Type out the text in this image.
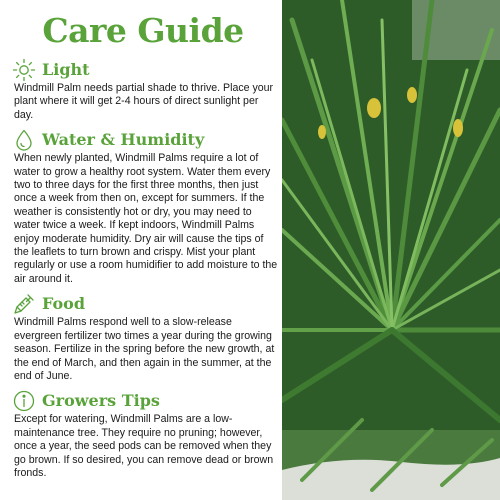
Care Guide
Light
Windmill Palm needs partial shade to thrive. Place your plant where it will get 2-4 hours of direct sunlight per day.
Water & Humidity
When newly planted, Windmill Palms require a lot of water to grow a healthy root system. Water them every two to three days for the first three months, then just once a week from then on, except for summers. If the weather is consistently hot or dry, you may need to water twice a week. If kept indoors, Windmill Palms enjoy moderate humidity. Dry air will cause the tips of the leaflets to turn brown and crispy. Mist your plant regularly or use a room humidifier to add moisture to the air around it.
Food
Windmill Palms respond well to a slow-release evergreen fertilizer two times a year during the growing season. Fertilize in the spring before the new growth, at the end of March, and then again in the summer, at the end of June.
Growers Tips
Except for watering, Windmill Palms are a low-maintenance tree. They require no pruning; however, once a year, the seed pods can be removed when they go brown. If so desired, you can remove dead or brown fronds.
